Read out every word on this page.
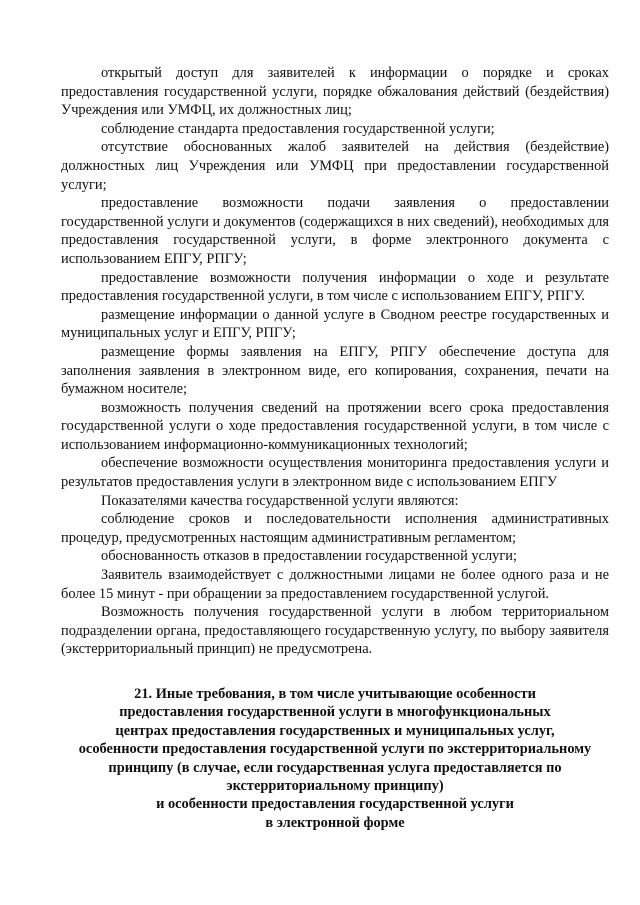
открытый доступ для заявителей к информации о порядке и сроках предоставления государственной услуги, порядке обжалования действий (бездействия) Учреждения или УМФЦ, их должностных лиц;

соблюдение стандарта предоставления государственной услуги;

отсутствие обоснованных жалоб заявителей на действия (бездействие) должностных лиц Учреждения или УМФЦ при предоставлении государственной услуги;

предоставление возможности подачи заявления о предоставлении государственной услуги и документов (содержащихся в них сведений), необходимых для предоставления государственной услуги, в форме электронного документа с использованием ЕПГУ, РПГУ;

предоставление возможности получения информации о ходе и результате предоставления государственной услуги, в том числе с использованием ЕПГУ, РПГУ.

размещение информации о данной услуге в Сводном реестре государственных и муниципальных услуг и ЕПГУ, РПГУ;

размещение формы заявления на ЕПГУ, РПГУ обеспечение доступа для заполнения заявления в электронном виде, его копирования, сохранения, печати на бумажном носителе;

возможность получения сведений на протяжении всего срока предоставления государственной услуги о ходе предоставления государственной услуги, в том числе с использованием информационно-коммуникационных технологий;

обеспечение возможности осуществления мониторинга предоставления услуги и результатов предоставления услуги в электронном виде с использованием ЕПГУ

Показателями качества государственной услуги являются:

соблюдение сроков и последовательности исполнения административных процедур, предусмотренных настоящим административным регламентом;

обоснованность отказов в предоставлении государственной услуги;

Заявитель взаимодействует с должностными лицами не более одного раза и не более 15 минут - при обращении за предоставлением государственной услугой.

Возможность получения государственной услуги в любом территориальном подразделении органа, предоставляющего государственную услугу, по выбору заявителя (экстерриториальный принцип) не предусмотрена.

21. Иные требования, в том числе учитывающие особенности
предоставления государственной услуги в многофункциональных
центрах предоставления государственных и муниципальных услуг,
особенности предоставления государственной услуги по экстерриториальному
принципу (в случае, если государственная услуга предоставляется по
экстерриториальному принципу)
и особенности предоставления государственной услуги
в электронной форме
